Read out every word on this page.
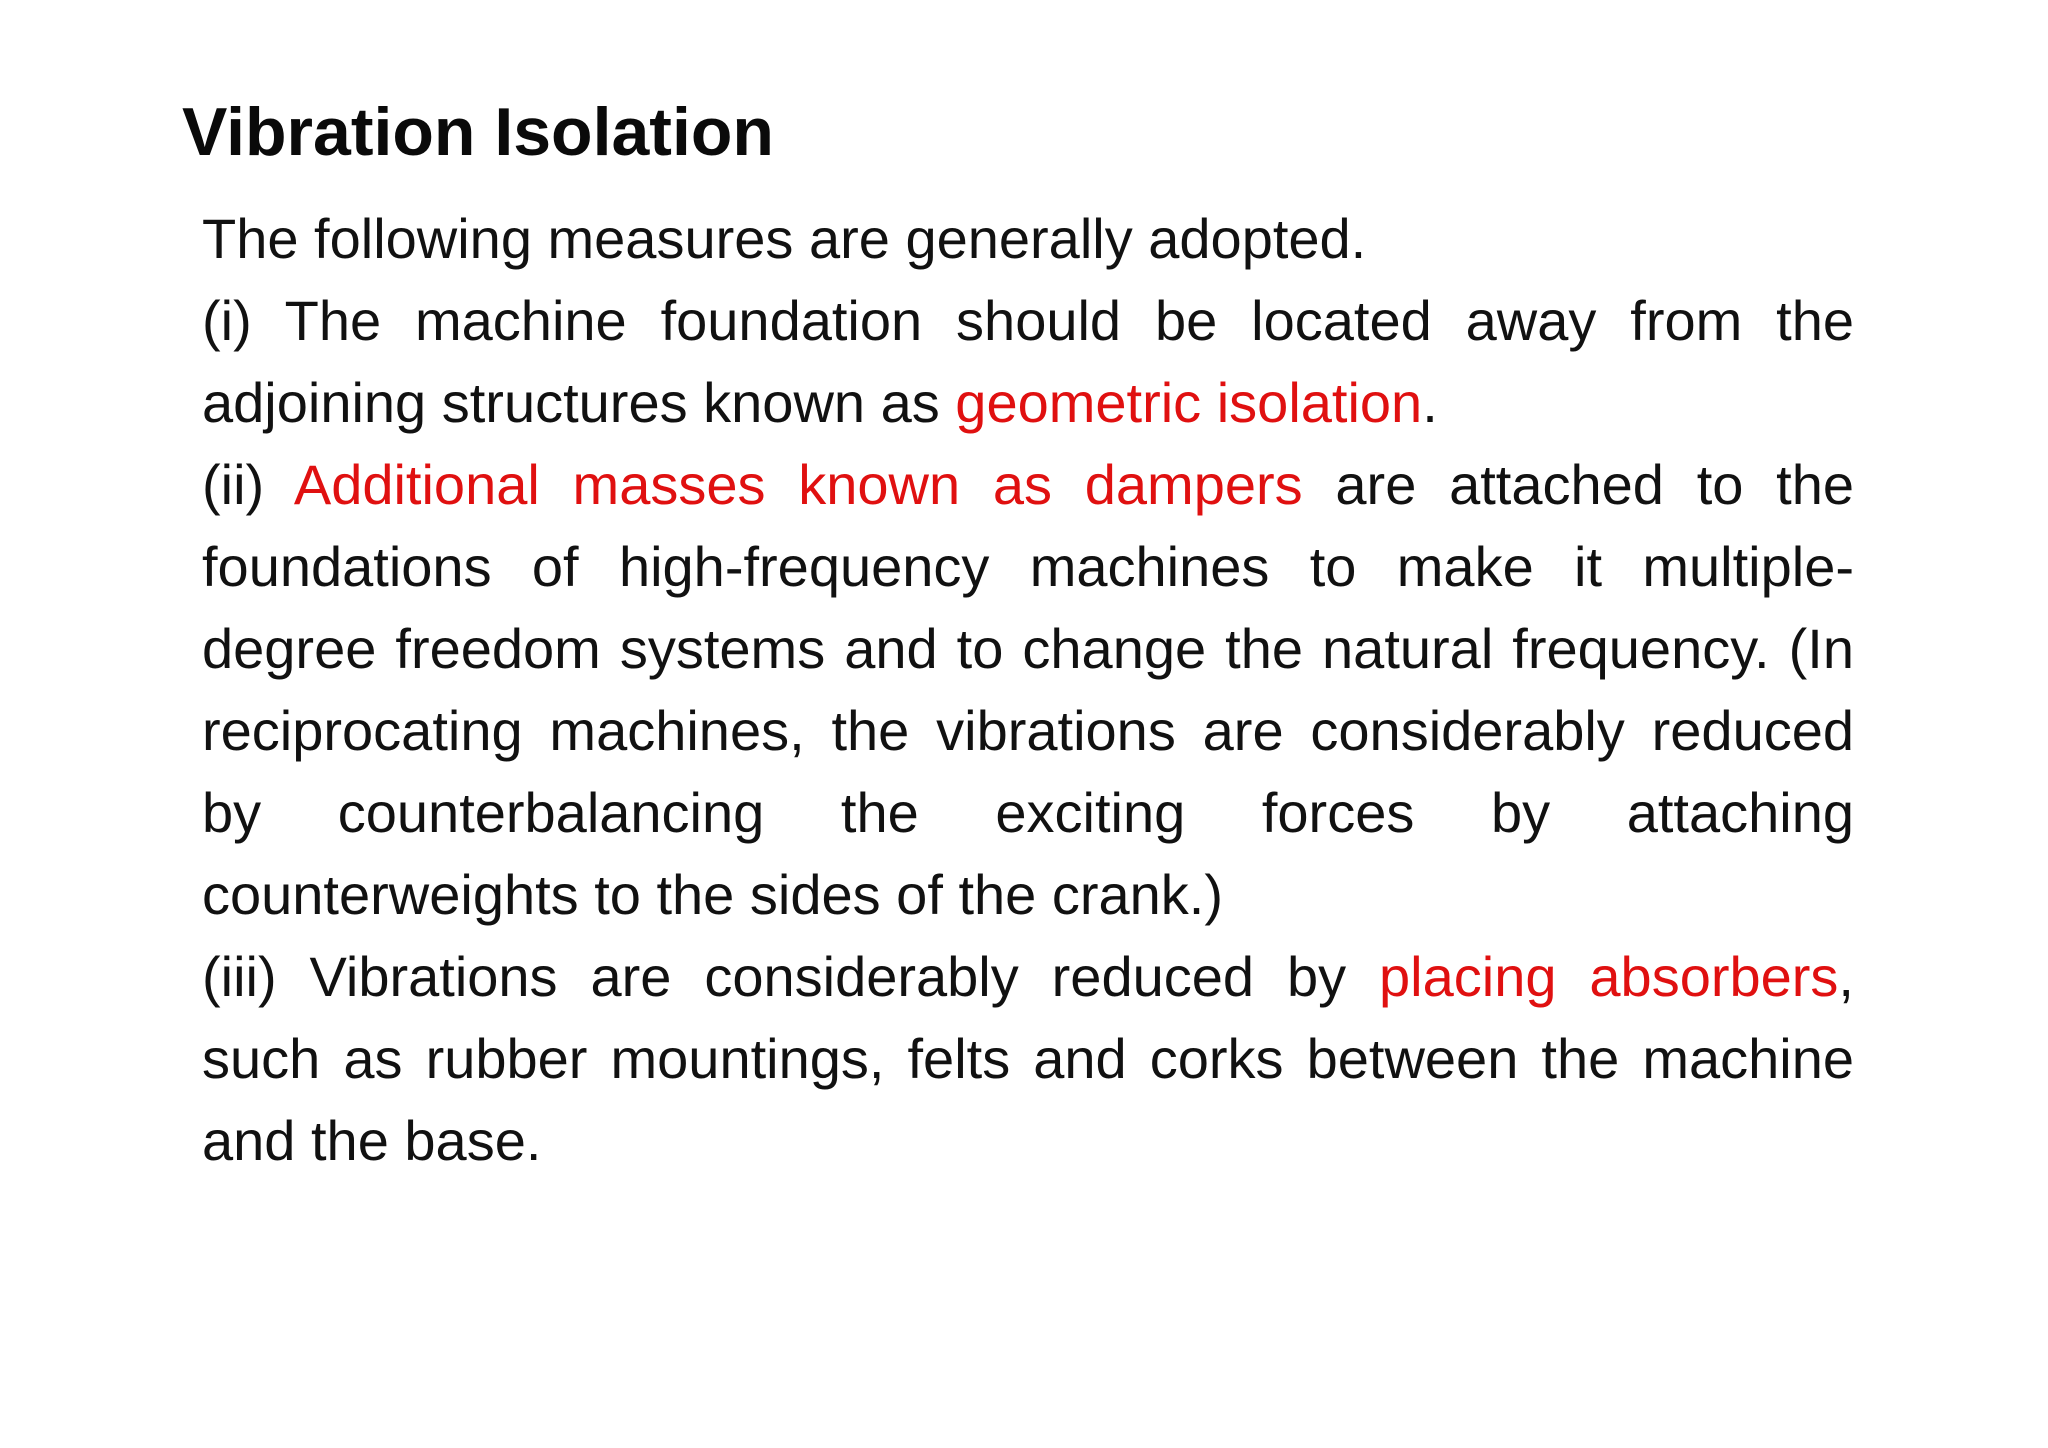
Vibration Isolation

The following measures are generally adopted.

(i) The machine foundation should be located away from the adjoining structures known as geometric isolation.

(ii) Additional masses known as dampers are attached to the foundations of high-frequency machines to make it multiple-degree freedom systems and to change the natural frequency. (In reciprocating machines, the vibrations are considerably reduced by counterbalancing the exciting forces by attaching counterweights to the sides of the crank.)

(iii) Vibrations are considerably reduced by placing absorbers, such as rubber mountings, felts and corks between the machine and the base.
